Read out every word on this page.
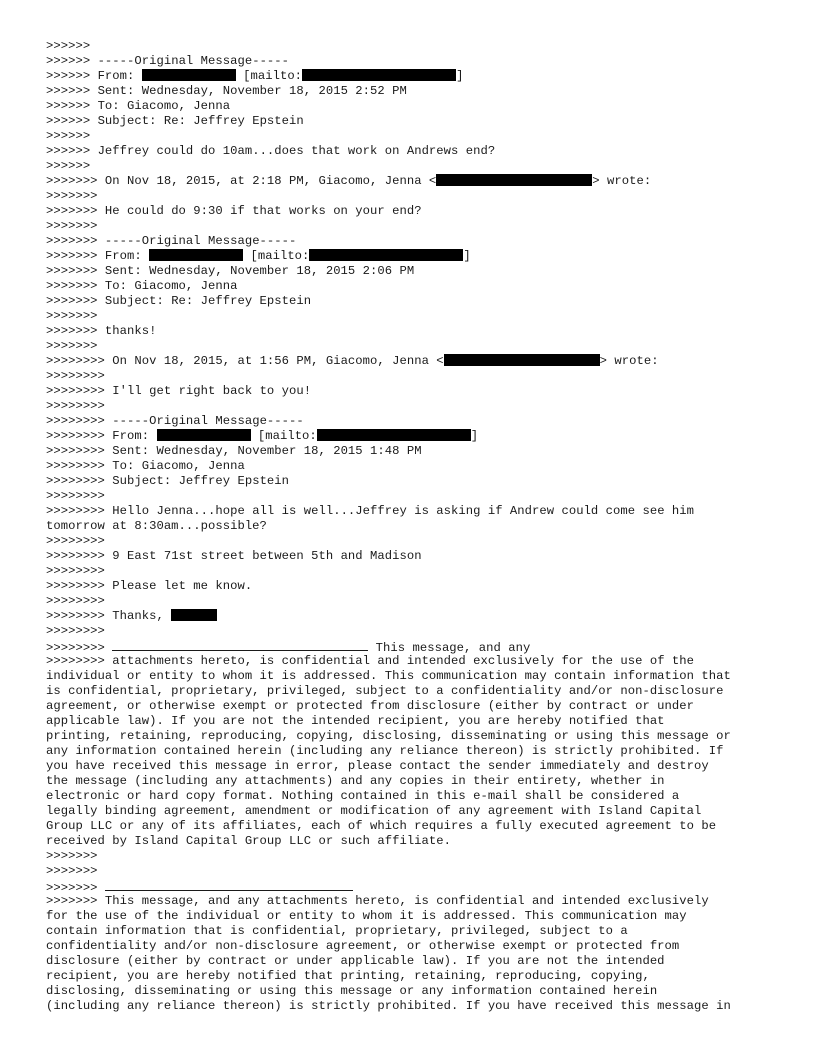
>>>>>>
>>>>>> -----Original Message-----
>>>>>> From:	[mailto:	]
>>>>>> Sent: Wednesday, November 18, 2015 2:52 PM
>>>>>> To: Giacomo, Jenna
>>>>>> Subject: Re: Jeffrey Epstein
>>>>>>
>>>>>> Jeffrey could do 10am...does that work on Andrews end?
>>>>>>
>>>>>>> On Nov 18, 2015, at 2:18 PM, Giacomo, Jenna <	> wrote:
>>>>>>>
>>>>>>> He could do 9:30 if that works on your end?
>>>>>>>
>>>>>>> -----Original Message-----
>>>>>>> From:	[mailto:	]
>>>>>>> Sent: Wednesday, November 18, 2015 2:06 PM
>>>>>>> To: Giacomo, Jenna
>>>>>>> Subject: Re: Jeffrey Epstein
>>>>>>>
>>>>>>> thanks!
>>>>>>>
>>>>>>>> On Nov 18, 2015, at 1:56 PM, Giacomo, Jenna <	> wrote:
>>>>>>>>
>>>>>>>> I'll get right back to you!
>>>>>>>>
>>>>>>>> -----Original Message-----
>>>>>>>> From:	[mailto:	]
>>>>>>>> Sent: Wednesday, November 18, 2015 1:48 PM
>>>>>>>> To: Giacomo, Jenna
>>>>>>>> Subject: Jeffrey Epstein
>>>>>>>>
>>>>>>>> Hello Jenna...hope all is well...Jeffrey is asking if Andrew could come see him
tomorrow at 8:30am...possible?
>>>>>>>>
>>>>>>>> 9 East 71st street between 5th and Madison
>>>>>>>>
>>>>>>>> Please let me know.
>>>>>>>>
>>>>>>>> Thanks,
>>>>>>>>
>>>>>>>>	This message, and any
>>>>>>>> attachments hereto, is confidential and intended exclusively for the use of the
individual or entity to whom it is addressed. This communication may contain information that
is confidential, proprietary, privileged, subject to a confidentiality and/or non-disclosure
agreement, or otherwise exempt or protected from disclosure (either by contract or under
applicable law). If you are not the intended recipient, you are hereby notified that
printing, retaining, reproducing, copying, disclosing, disseminating or using this message or
any information contained herein (including any reliance thereon) is strictly prohibited. If
you have received this message in error, please contact the sender immediately and destroy
the message (including any attachments) and any copies in their entirety, whether in
electronic or hard copy format. Nothing contained in this e-mail shall be considered a
legally binding agreement, amendment or modification of any agreement with Island Capital
Group LLC or any of its affiliates, each of which requires a fully executed agreement to be
received by Island Capital Group LLC or such affiliate.
>>>>>>>
>>>>>>>
>>>>>>>
>>>>>>> This message, and any attachments hereto, is confidential and intended exclusively
for the use of the individual or entity to whom it is addressed. This communication may
contain information that is confidential, proprietary, privileged, subject to a
confidentiality and/or non-disclosure agreement, or otherwise exempt or protected from
disclosure (either by contract or under applicable law). If you are not the intended
recipient, you are hereby notified that printing, retaining, reproducing, copying,
disclosing, disseminating or using this message or any information contained herein
(including any reliance thereon) is strictly prohibited. If you have received this message in
